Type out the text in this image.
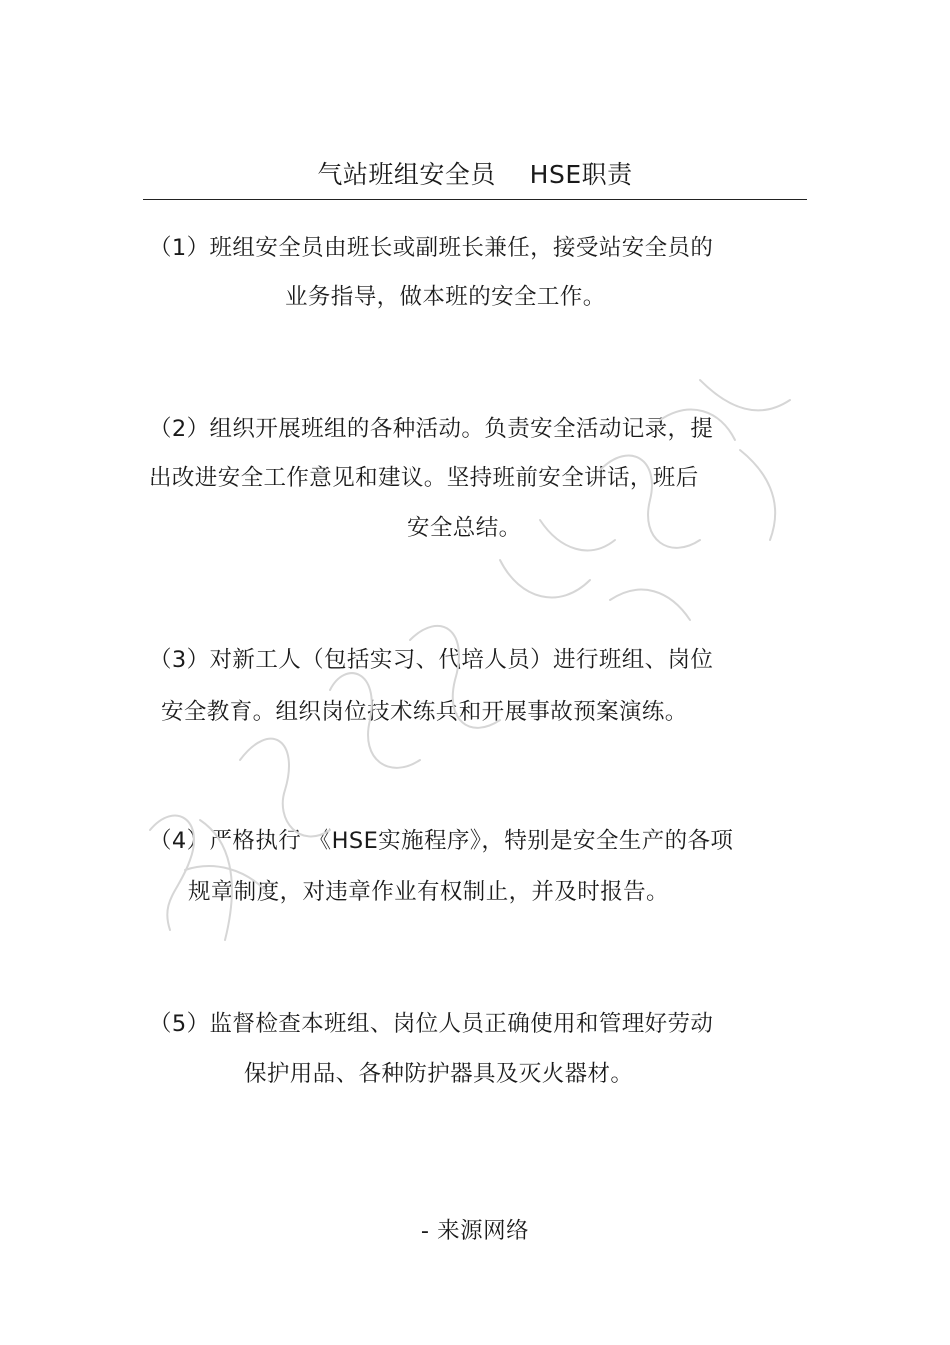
气站班组安全员    HSE职责
（1）班组安全员由班长或副班长兼任，接受站安全员的
业务指导，做本班的安全工作。
（2）组织开展班组的各种活动。负责安全活动记录，提
出改进安全工作意见和建议。坚持班前安全讲话，班后
安全总结。
（3）对新工人（包括实习、代培人员）进行班组、岗位
安全教育。组织岗位技术练兵和开展事故预案演练。
（4）严格执行 《HSE实施程序》，特别是安全生产的各项
规章制度，对违章作业有权制止，并及时报告。
（5）监督检查本班组、岗位人员正确使用和管理好劳动
保护用品、各种防护器具及灭火器材。
- 来源网络
